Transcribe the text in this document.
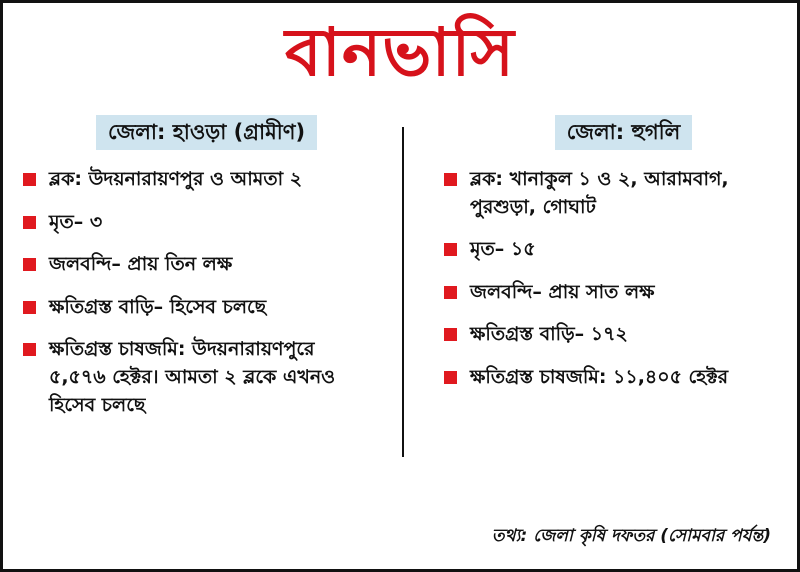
বানভাসি
জেলা: হাওড়া (গ্রামীণ)
ব্লক: উদয়নারায়ণপুর ও আমতা ২
মৃত– ৩
জলবন্দি– প্রায় তিন লক্ষ
ক্ষতিগ্রস্ত বাড়ি– হিসেব চলছে
ক্ষতিগ্রস্ত চাষজমি: উদয়নারায়ণপুরে ৫,৫৭৬ হেক্টর। আমতা ২ ব্লকে এখনও হিসেব চলছে
জেলা: হুগলি
ব্লক: খানাকুল ১ ও ২, আরামবাগ, পুরশুড়া, গোঘাট
মৃত– ১৫
জলবন্দি– প্রায় সাত লক্ষ
ক্ষতিগ্রস্ত বাড়ি– ১৭২
ক্ষতিগ্রস্ত চাষজমি: ১১,৪০৫ হেক্টর
তথ্য: জেলা কৃষি দফতর (সোমবার পর্যন্ত)
